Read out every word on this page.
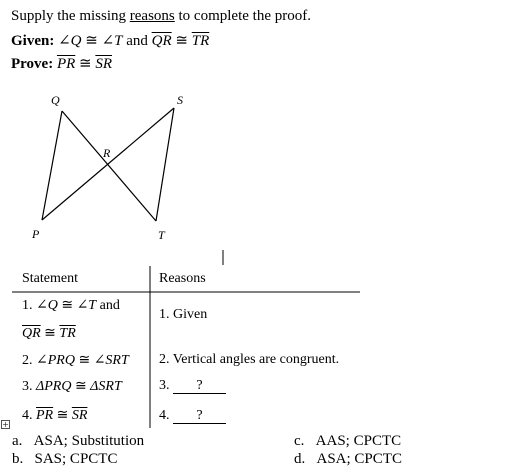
Supply the missing reasons to complete the proof.
Given: ∠Q ≅ ∠T and $\overline{QR}$ ≅ $\overline{TR}$
Prove: $\overline{PR}$ ≅ $\overline{SR}$
Q	S
R
P	T
Statement	Reasons
1. ∠Q ≅ ∠T and
$\overline{QR}$ ≅ $\overline{TR}$
1. Given
2. ∠PRQ ≅ ∠SRT 2. Vertical angles are congruent.
3. ΔPRQ ≅ ΔSRT	3. ?
4. $\overline{PR}$ ≅ $\overline{SR}$	4. ?
+
a. ASA; Substitution
b. SAS; CPCTC
c. AAS; CPCTC
d. ASA; CPCTC
